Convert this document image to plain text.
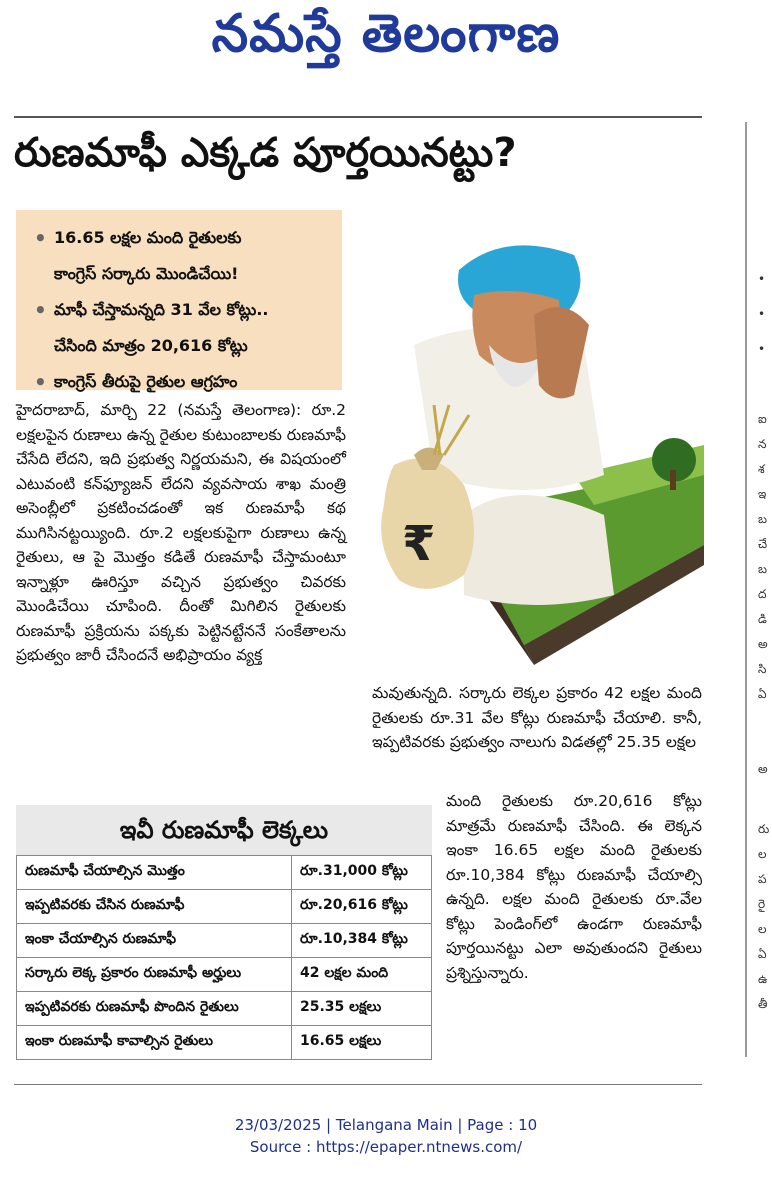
నమస్తే తెలంగాణ
రుణమాఫీ ఎక్కడ పూర్తయినట్టు?
• 16.65 లక్షల మంది రైతులకు
కాంగ్రెస్ సర్కారు మొండిచేయి!
• మాఫీ చేస్తామన్నది 31 వేల కోట్లు..
చేసింది మాత్రం 20,616 కోట్లు
• కాంగ్రెస్ తీరుపై రైతుల ఆగ్రహం
₹
హైదరాబాద్, మార్చి 22 (నమస్తే తెలంగాణ): రూ.2 లక్షలపైన రుణాలు ఉన్న రైతుల కుటుంబాలకు రుణమాఫీ చేసేది లేదని, ఇది ప్రభుత్వ నిర్ణయమని, ఈ విషయంలో ఎటువంటి కన్‌ఫ్యూజన్ లేదని వ్యవసాయ శాఖ మంత్రి అసెంబ్లీలో ప్రకటించడంతో ఇక రుణమాఫీ కథ ముగిసినట్టయ్యింది. రూ.2 లక్షలకుపైగా రుణాలు ఉన్న రైతులు, ఆ పై మొత్తం కడితే రుణమాఫీ చేస్తామంటూ ఇన్నాళ్లూ ఊరిస్తూ వచ్చిన ప్రభుత్వం చివరకు మొండిచేయి చూపింది. దీంతో మిగిలిన రైతులకు రుణమాఫీ ప్రక్రియను పక్కకు పెట్టినట్టేననే సంకేతాలను ప్రభుత్వం జారీ చేసిందనే అభిప్రాయం వ్యక్త
మవుతున్నది. సర్కారు లెక్కల ప్రకారం 42 లక్షల మంది రైతులకు రూ.31 వేల కోట్లు రుణమాఫీ చేయాలి. కానీ, ఇప్పటివరకు ప్రభుత్వం నాలుగు విడతల్లో 25.35 లక్షల
మంది రైతులకు రూ.20,616 కోట్లు మాత్రమే రుణమాఫీ చేసింది. ఈ లెక్కన ఇంకా 16.65 లక్షల మంది రైతులకు రూ.10,384 కోట్లు రుణమాఫీ చేయాల్సి ఉన్నది. లక్షల మంది రైతులకు రూ.వేల కోట్లు పెండింగ్‌లో ఉండగా రుణమాఫీ పూర్తయినట్టు ఎలా అవుతుందని రైతులు ప్రశ్నిస్తున్నారు.
•
•
•
ఐ
న
శ
ఇ
బ
చే
బ
ద
డి
అ
సి
ఏ
అ
రు
ల
ప
రై
ల
ఏ
ఉ
తీ
ఇవీ రుణమాఫీ లెక్కలు
రుణమాఫీ చేయాల్సిన మొత్తం	రూ.31,000 కోట్లు
ఇప్పటివరకు చేసిన రుణమాఫీ	రూ.20,616 కోట్లు
ఇంకా చేయాల్సిన రుణమాఫీ	రూ.10,384 కోట్లు
సర్కారు లెక్క ప్రకారం రుణమాఫీ అర్హులు	42 లక్షల మంది
ఇప్పటివరకు రుణమాఫీ పొందిన రైతులు	25.35 లక్షలు
ఇంకా రుణమాఫీ కావాల్సిన రైతులు	16.65 లక్షలు
23/03/2025 | Telangana Main | Page : 10
Source : https://epaper.ntnews.com/
